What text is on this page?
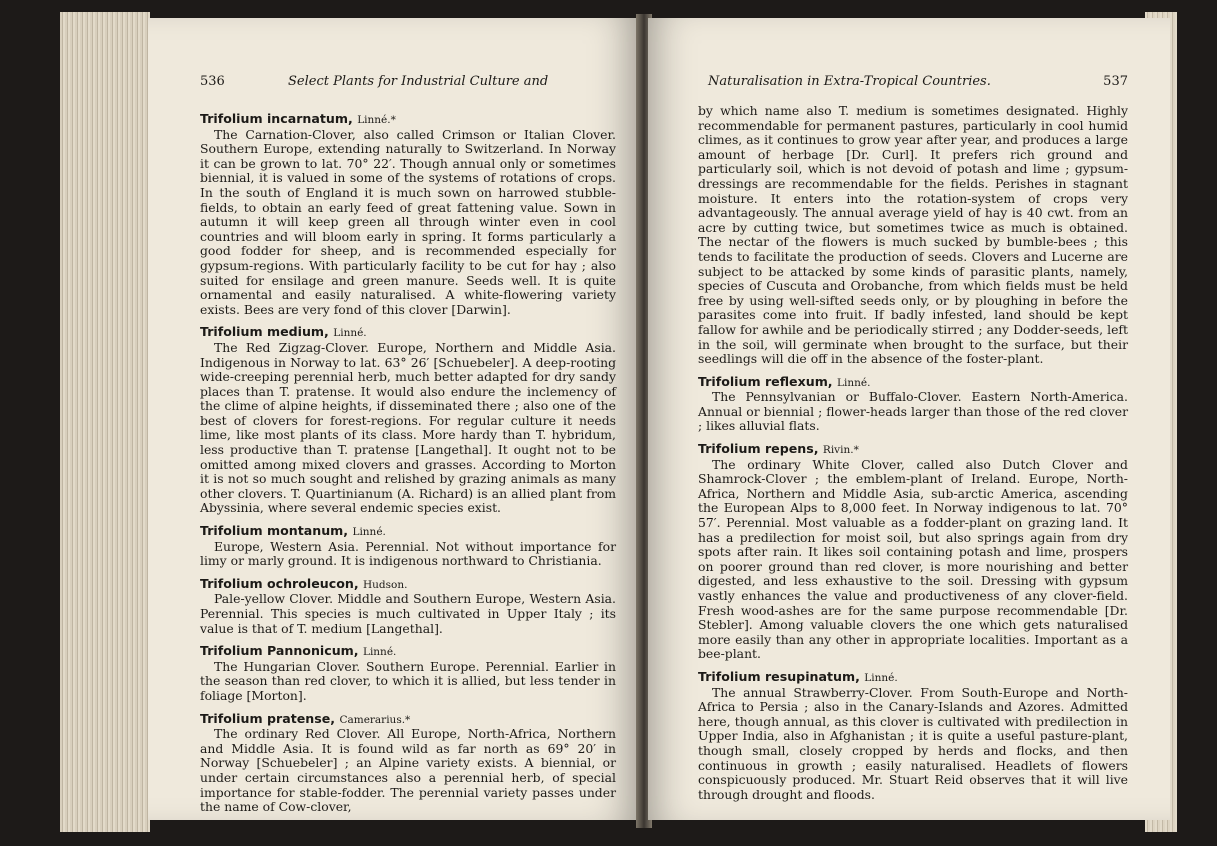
536	Select Plants for Industrial Culture and
Trifolium incarnatum, Linné.*
The Carnation-Clover, also called Crimson or Italian Clover. Southern Europe, extending naturally to Switzerland. In Norway it can be grown to lat. 70° 22′. Though annual only or sometimes biennial, it is valued in some of the systems of rotations of crops. In the south of England it is much sown on harrowed stubble-fields, to obtain an early feed of great fattening value. Sown in autumn it will keep green all through winter even in cool countries and will bloom early in spring. It forms particularly a good fodder for sheep, and is recommended especially for gypsum-regions. With particularly facility to be cut for hay ; also suited for ensilage and green manure. Seeds well. It is quite ornamental and easily naturalised. A white-flowering variety exists. Bees are very fond of this clover [Darwin].
Trifolium medium, Linné.
The Red Zigzag-Clover. Europe, Northern and Middle Asia. Indigenous in Norway to lat. 63° 26′ [Schuebeler]. A deep-rooting wide-creeping perennial herb, much better adapted for dry sandy places than T. pratense. It would also endure the inclemency of the clime of alpine heights, if disseminated there ; also one of the best of clovers for forest-regions. For regular culture it needs lime, like most plants of its class. More hardy than T. hybridum, less productive than T. pratense [Langethal]. It ought not to be omitted among mixed clovers and grasses. According to Morton it is not so much sought and relished by grazing animals as many other clovers. T. Quartinianum (A. Richard) is an allied plant from Abyssinia, where several endemic species exist.
Trifolium montanum, Linné.
Europe, Western Asia. Perennial. Not without importance for limy or marly ground. It is indigenous northward to Christiania.
Trifolium ochroleucon, Hudson.
Pale-yellow Clover. Middle and Southern Europe, Western Asia. Perennial. This species is much cultivated in Upper Italy ; its value is that of T. medium [Langethal].
Trifolium Pannonicum, Linné.
The Hungarian Clover. Southern Europe. Perennial. Earlier in the season than red clover, to which it is allied, but less tender in foliage [Morton].
Trifolium pratense, Camerarius.*
The ordinary Red Clover. All Europe, North-Africa, Northern and Middle Asia. It is found wild as far north as 69° 20′ in Norway [Schuebeler] ; an Alpine variety exists. A biennial, or under certain circumstances also a perennial herb, of special importance for stable-fodder. The perennial variety passes under the name of Cow-clover,
Naturalisation in Extra-Tropical Countries.	537
by which name also T. medium is sometimes designated. Highly recommendable for permanent pastures, particularly in cool humid climes, as it continues to grow year after year, and produces a large amount of herbage [Dr. Curl]. It prefers rich ground and particularly soil, which is not devoid of potash and lime ; gypsum-dressings are recommendable for the fields. Perishes in stagnant moisture. It enters into the rotation-system of crops very advantageously. The annual average yield of hay is 40 cwt. from an acre by cutting twice, but sometimes twice as much is obtained. The nectar of the flowers is much sucked by bumble-bees ; this tends to facilitate the production of seeds. Clovers and Lucerne are subject to be attacked by some kinds of parasitic plants, namely, species of Cuscuta and Orobanche, from which fields must be held free by using well-sifted seeds only, or by ploughing in before the parasites come into fruit. If badly infested, land should be kept fallow for awhile and be periodically stirred ; any Dodder-seeds, left in the soil, will germinate when brought to the surface, but their seedlings will die off in the absence of the foster-plant.
Trifolium reflexum, Linné.
The Pennsylvanian or Buffalo-Clover. Eastern North-America. Annual or biennial ; flower-heads larger than those of the red clover ; likes alluvial flats.
Trifolium repens, Rivin.*
The ordinary White Clover, called also Dutch Clover and Shamrock-Clover ; the emblem-plant of Ireland. Europe, North-Africa, Northern and Middle Asia, sub-arctic America, ascending the European Alps to 8,000 feet. In Norway indigenous to lat. 70° 57′. Perennial. Most valuable as a fodder-plant on grazing land. It has a predilection for moist soil, but also springs again from dry spots after rain. It likes soil containing potash and lime, prospers on poorer ground than red clover, is more nourishing and better digested, and less exhaustive to the soil. Dressing with gypsum vastly enhances the value and productiveness of any clover-field. Fresh wood-ashes are for the same purpose recommendable [Dr. Stebler]. Among valuable clovers the one which gets naturalised more easily than any other in appropriate localities. Important as a bee-plant.
Trifolium resupinatum, Linné.
The annual Strawberry-Clover. From South-Europe and North-Africa to Persia ; also in the Canary-Islands and Azores. Admitted here, though annual, as this clover is cultivated with predilection in Upper India, also in Afghanistan ; it is quite a useful pasture-plant, though small, closely cropped by herds and flocks, and then continuous in growth ; easily naturalised. Headlets of flowers conspicuously produced. Mr. Stuart Reid observes that it will live through drought and floods.
